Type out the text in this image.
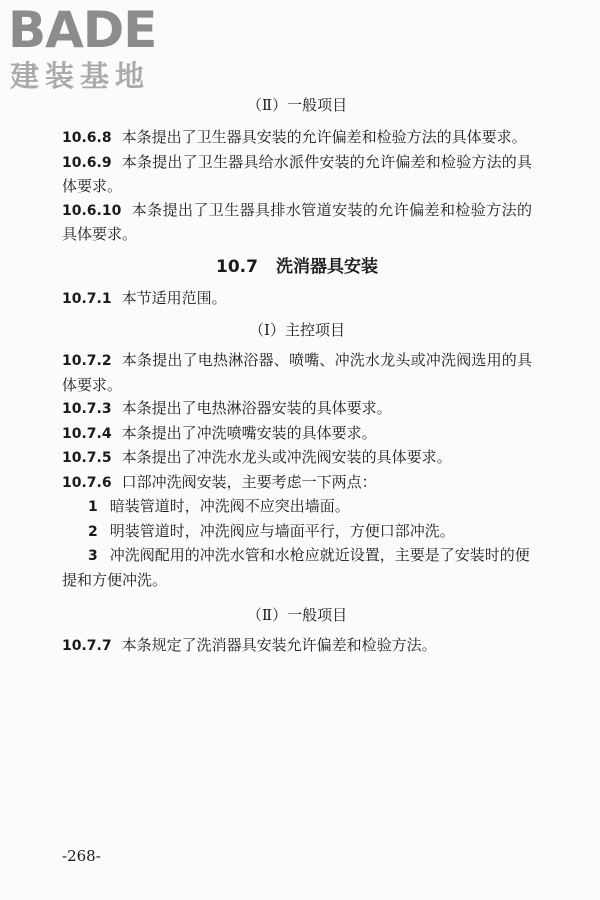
BADE
建装基地

（Ⅱ）一般项目

10.6.8 本条提出了卫生器具安装的允许偏差和检验方法的具体要求。

10.6.9 本条提出了卫生器具给水派件安装的允许偏差和检验方法的具体要求。

10.6.10 本条提出了卫生器具排水管道安装的允许偏差和检验方法的具体要求。

10.7 洗消器具安装

10.7.1 本节适用范围。

（Ⅰ）主控项目

10.7.2 本条提出了电热淋浴器、喷嘴、冲洗水龙头或冲洗阀选用的具体要求。

10.7.3 本条提出了电热淋浴器安装的具体要求。

10.7.4 本条提出了冲洗喷嘴安装的具体要求。

10.7.5 本条提出了冲洗水龙头或冲洗阀安装的具体要求。

10.7.6 口部冲洗阀安装，主要考虑一下两点：

1 暗装管道时，冲洗阀不应突出墙面。

2 明装管道时，冲洗阀应与墙面平行，方便口部冲洗。

3 冲洗阀配用的冲洗水管和水枪应就近设置，主要是了安装时的便提和方便冲洗。

（Ⅱ）一般项目

10.7.7 本条规定了洗消器具安装允许偏差和检验方法。

-268-
